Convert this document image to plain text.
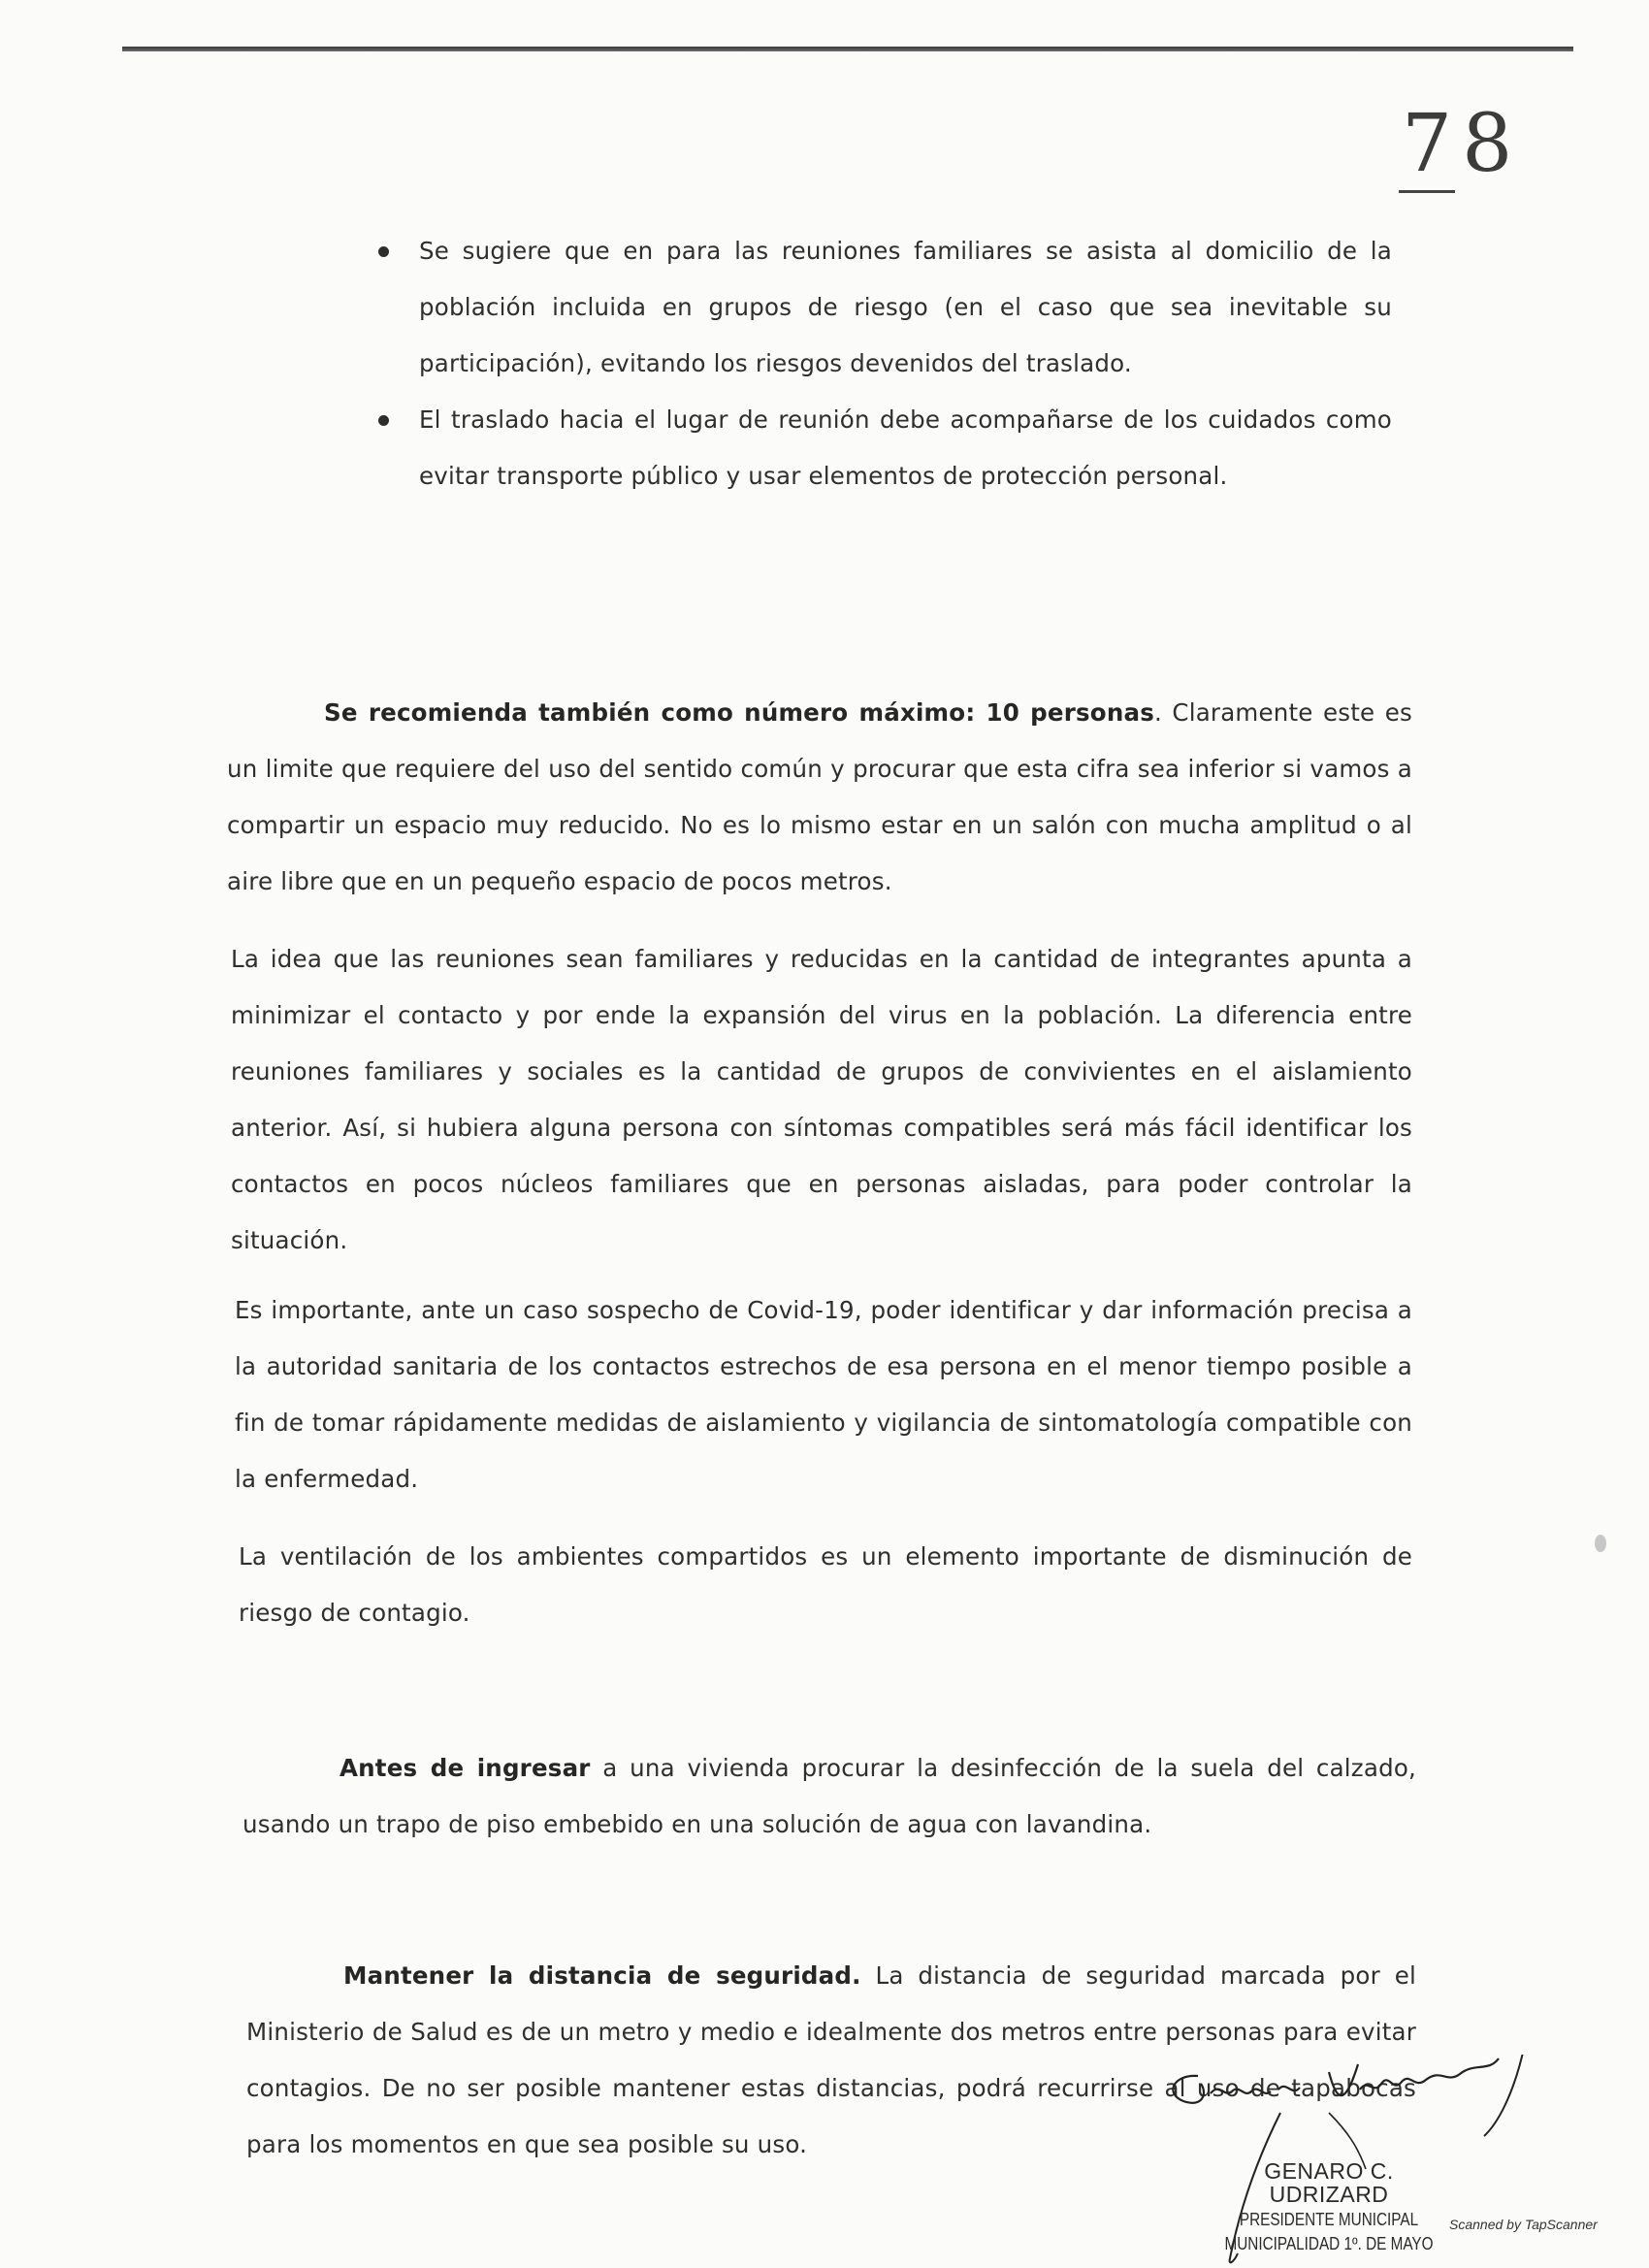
78
Se sugiere que en para las reuniones familiares se asista al domicilio de la población incluida en grupos de riesgo (en el caso que sea inevitable su participación), evitando los riesgos devenidos del traslado.
El traslado hacia el lugar de reunión debe acompañarse de los cuidados como evitar transporte público y usar elementos de protección personal.

Se recomienda también como número máximo: 10 personas. Claramente este es un limite que requiere del uso del sentido común y procurar que esta cifra sea inferior si vamos a compartir un espacio muy reducido. No es lo mismo estar en un salón con mucha amplitud o al aire libre que en un pequeño espacio de pocos metros.

La idea que las reuniones sean familiares y reducidas en la cantidad de integrantes apunta a minimizar el contacto y por ende la expansión del virus en la población. La diferencia entre reuniones familiares y sociales es la cantidad de grupos de convivientes en el aislamiento anterior. Así, si hubiera alguna persona con síntomas compatibles será más fácil identificar los contactos en pocos núcleos familiares que en personas aisladas, para poder controlar la situación.

Es importante, ante un caso sospecho de Covid-19, poder identificar y dar información precisa a la autoridad sanitaria de los contactos estrechos de esa persona en el menor tiempo posible a fin de tomar rápidamente medidas de aislamiento y vigilancia de sintomatología compatible con la enfermedad.

La ventilación de los ambientes compartidos es un elemento importante de disminución de riesgo de contagio.

Antes de ingresar a una vivienda procurar la desinfección de la suela del calzado, usando un trapo de piso embebido en una solución de agua con lavandina.

Mantener la distancia de seguridad. La distancia de seguridad marcada por el Ministerio de Salud es de un metro y medio e idealmente dos metros entre personas para evitar contagios. De no ser posible mantener estas distancias, podrá recurrirse al uso de tapabocas para los momentos en que sea posible su uso.

GENARO C. UDRIZARD
PRESIDENTE MUNICIPAL
MUNICIPALIDAD 1º. DE MAYO
Scanned by TapScanner
